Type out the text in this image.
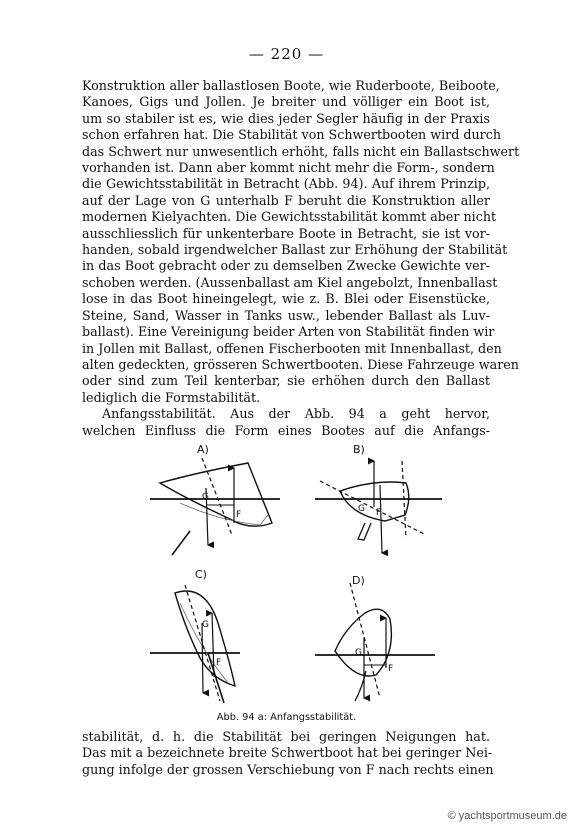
— 220 —
Konstruktion aller ballastlosen Boote, wie Ruderboote, Beiboote,
Kanoes, Gigs und Jollen. Je breiter und völliger ein Boot ist,
um so stabiler ist es, wie dies jeder Segler häufig in der Praxis
schon erfahren hat. Die Stabilität von Schwertbooten wird durch
das Schwert nur unwesentlich erhöht, falls nicht ein Ballastschwert
vorhanden ist. Dann aber kommt nicht mehr die Form-, sondern
die Gewichtsstabilität in Betracht (Abb. 94). Auf ihrem Prinzip,
auf der Lage von G unterhalb F beruht die Konstruktion aller
modernen Kielyachten. Die Gewichtsstabilität kommt aber nicht
ausschliesslich für unkenterbare Boote in Betracht, sie ist vor-
handen, sobald irgendwelcher Ballast zur Erhöhung der Stabilität
in das Boot gebracht oder zu demselben Zwecke Gewichte ver-
schoben werden. (Aussenballast am Kiel angebolzt, Innenballast
lose in das Boot hineingelegt, wie z. B. Blei oder Eisenstücke,
Steine, Sand, Wasser in Tanks usw., lebender Ballast als Luv-
ballast). Eine Vereinigung beider Arten von Stabilität finden wir
in Jollen mit Ballast, offenen Fischerbooten mit Innenballast, den
alten gedeckten, grösseren Schwertbooten. Diese Fahrzeuge waren
oder sind zum Teil kenterbar, sie erhöhen durch den Ballast
lediglich die Formstabilität.
Anfangsstabilität. Aus der Abb. 94 a geht hervor,
welchen Einfluss die Form eines Bootes auf die Anfangs-
A)
G
F
B)
G F
C)
G
F
D)
G
F
Abb. 94 a: Anfangsstabilität.
stabilität, d. h. die Stabilität bei geringen Neigungen hat.
Das mit a bezeichnete breite Schwertboot hat bei geringer Nei-
gung infolge der grossen Verschiebung von F nach rechts einen
© yachtsportmuseum.de
